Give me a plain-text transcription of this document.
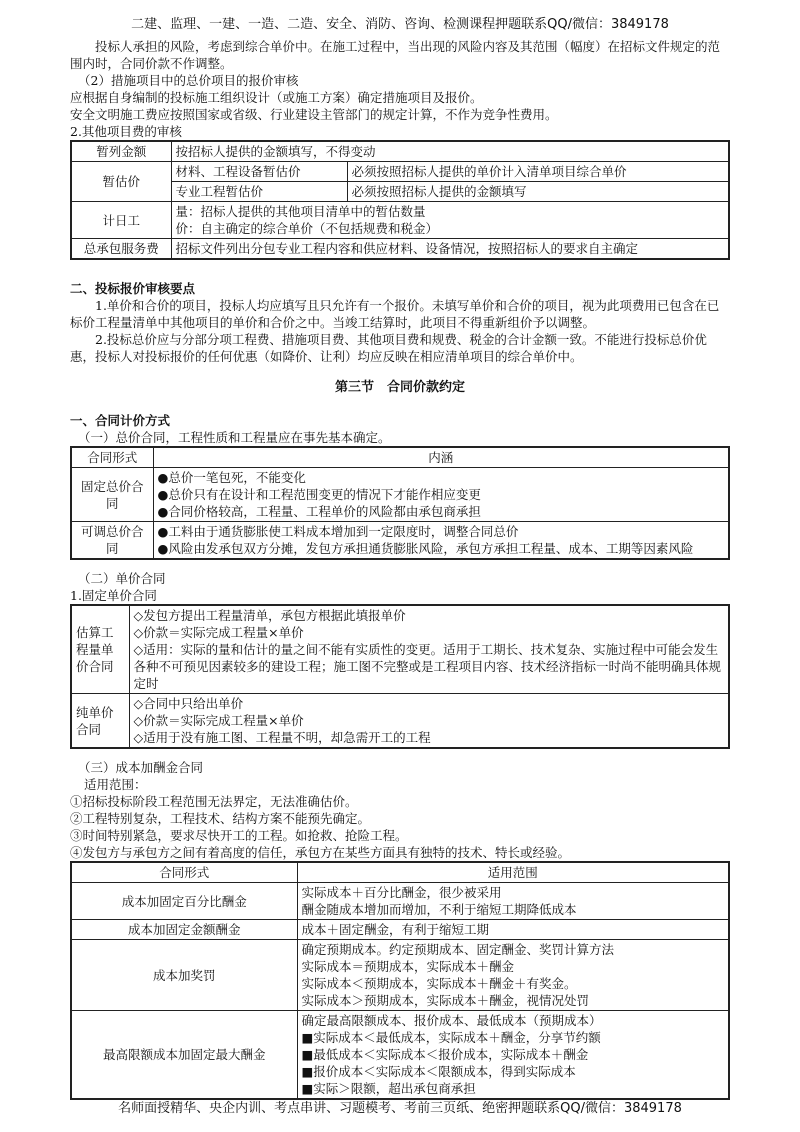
二建、监理、一建、一造、二造、安全、消防、咨询、检测课程押题联系QQ/微信：3849178

投标人承担的风险，考虑到综合单价中。在施工过程中，当出现的风险内容及其范围（幅度）在招标文件规定的范围内时，合同价款不作调整。

（2）措施项目中的总价项目的报价审核

应根据自身编制的投标施工组织设计（或施工方案）确定措施项目及报价。

安全文明施工费应按照国家或省级、行业建设主管部门的规定计算，不作为竞争性费用。

2.其他项目费的审核

暂列金额	按招标人提供的金额填写，不得变动	
暂估价	材料、工程设备暂估价	必须按照招标人提供的单价计入清单项目综合单价
	专业工程暂估价	必须按照招标人提供的金额填写
计日工	量：招标人提供的其他项目清单中的暂估数量
价：自主确定的综合单价（不包括规费和税金）	

总承包服务费	招标文件列出分包专业工程内容和供应材料、设备情况，按照招标人的要求自主确定	

二、投标报价审核要点

1.单价和合价的项目，投标人均应填写且只允许有一个报价。未填写单价和合价的项目，视为此项费用已包含在已标价工程量清单中其他项目的单价和合价之中。当竣工结算时，此项目不得重新组价予以调整。

2.投标总价应与分部分项工程费、措施项目费、其他项目费和规费、税金的合计金额一致。不能进行投标总价优惠，投标人对投标报价的任何优惠（如降价、让利）均应反映在相应清单项目的综合单价中。

第三节　合同价款约定

一、合同计价方式

（一）总价合同，工程性质和工程量应在事先基本确定。

合同形式	内涵
固定总价合同	●总价一笔包死，不能变化
●总价只有在设计和工程范围变更的情况下才能作相应变更
●合同价格较高，工程量、工程单价的风险都由承包商承担

可调总价合同	●工料由于通货膨胀使工料成本增加到一定限度时，调整合同总价
●风险由发承包双方分摊，发包方承担通货膨胀风险，承包方承担工程量、成本、工期等因素风险

（二）单价合同

1.固定单价合同

估算工程量单价合同	◇发包方提出工程量清单，承包方根据此填报单价
◇价款＝实际完成工程量×单价
◇适用：实际的量和估计的量之间不能有实质性的变更。适用于工期长、技术复杂、实施过程中可能会发生各种不可预见因素较多的建设工程；施工图不完整或是工程项目内容、技术经济指标一时尚不能明确具体规定时

纯单价合同	◇合同中只给出单价
◇价款＝实际完成工程量×单价
◇适用于没有施工图、工程量不明，却急需开工的工程

（三）成本加酬金合同

适用范围：

①招标投标阶段工程范围无法界定，无法准确估价。

②工程特别复杂，工程技术、结构方案不能预先确定。

③时间特别紧急，要求尽快开工的工程。如抢救、抢险工程。

④发包方与承包方之间有着高度的信任，承包方在某些方面具有独特的技术、特长或经验。

合同形式	适用范围
成本加固定百分比酬金	实际成本＋百分比酬金，很少被采用
酬金随成本增加而增加，不利于缩短工期降低成本

成本加固定金额酬金	成本＋固定酬金，有利于缩短工期
成本加奖罚	确定预期成本。约定预期成本、固定酬金、奖罚计算方法
实际成本＝预期成本，实际成本＋酬金
实际成本＜预期成本，实际成本＋酬金＋有奖金。
实际成本＞预期成本，实际成本＋酬金，视情况处罚

最高限额成本加固定最大酬金	确定最高限额成本、报价成本、最低成本（预期成本）
■实际成本＜最低成本，实际成本＋酬金，分享节约额
■最低成本＜实际成本＜报价成本，实际成本＋酬金
■报价成本＜实际成本＜限额成本，得到实际成本
■实际＞限额，超出承包商承担
名师面授精华、央企内训、考点串讲、习题模考、考前三页纸、绝密押题联系QQ/微信：3849178
